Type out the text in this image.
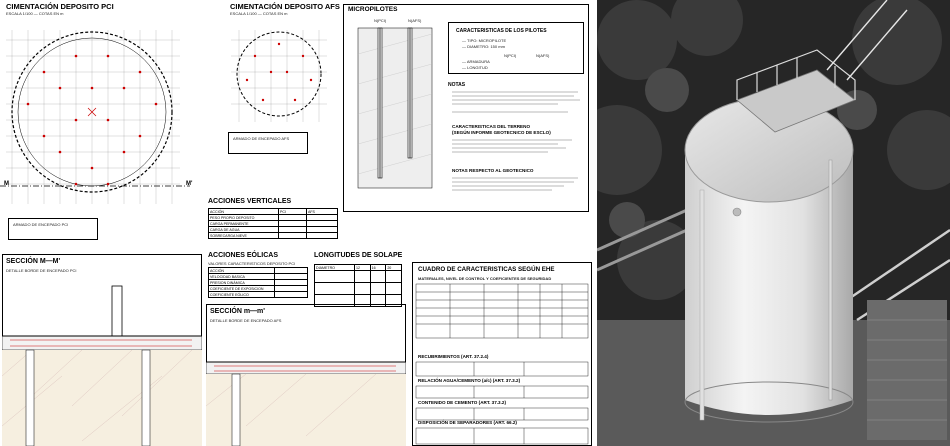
CIMENTACIÓN DEPOSITO PCI
ESCALA 1/100 — COTAS EN m
M	M'
ARMADO DE ENCEPADO PCI
CIMENTACIÓN DEPOSITO AFS
ESCALA 1/100 — COTAS EN m
ARMADO DE ENCEPADO AFS
MICROPILOTES
N(PCI)	N(AFS)
CARACTERISTICAS DE LOS PILOTES
— TIPO: MICROPILOTE
— DIAMETRO: 150 mm
N(PCI)	N(AFS)
— ARMADURA
— LONGITUD
NOTAS
CARACTERISTICAS DEL TERRENO
(SEGÚN INFORME GEOTECNICO DE ESCLO)
NOTAS RESPECTO AL GEOTECNICO
ACCIONES VERTICALES
ACCIÓN	PCI	AFS
PESO PROPIO DEPOSITO		
CARGA PERMANENTE		
CARGA DE AGUA		
SOBRECARGA NIEVE		
ACCIONES EÓLICAS
VALORES CARACTERISTICOS DEPOSITO PCI
ACCIÓN	
VELOCIDAD BASICA	
PRESION DINÁMICA	
COEFICIENTE DE EXPOSICION	
COEFICIENTE EÓLICO	
LONGITUDES DE SOLAPE
DIAMETRO	12	16	20

				CUADRO DE CARACTERISTICAS SEGÚN EHE
MATERIALES, NIVEL DE CONTROL Y COEFICIENTES DE SEGURIDAD
RECUBRIMIENTOS (ART. 37.2.4)
RELACIÓN AGUA/CEMENTO (a/c) (ART. 37.3.2)
CONTENIDO DE CEMENTO (ART. 37.3.2)
DISPOSICIÓN DE SEPARADORES (ART. 66.2)
SECCIÓN M—M'
DETALLE BORDE DE ENCEPADO PCI
SECCIÓN m—m'
DETALLE BORDE DE ENCEPADO AFS
